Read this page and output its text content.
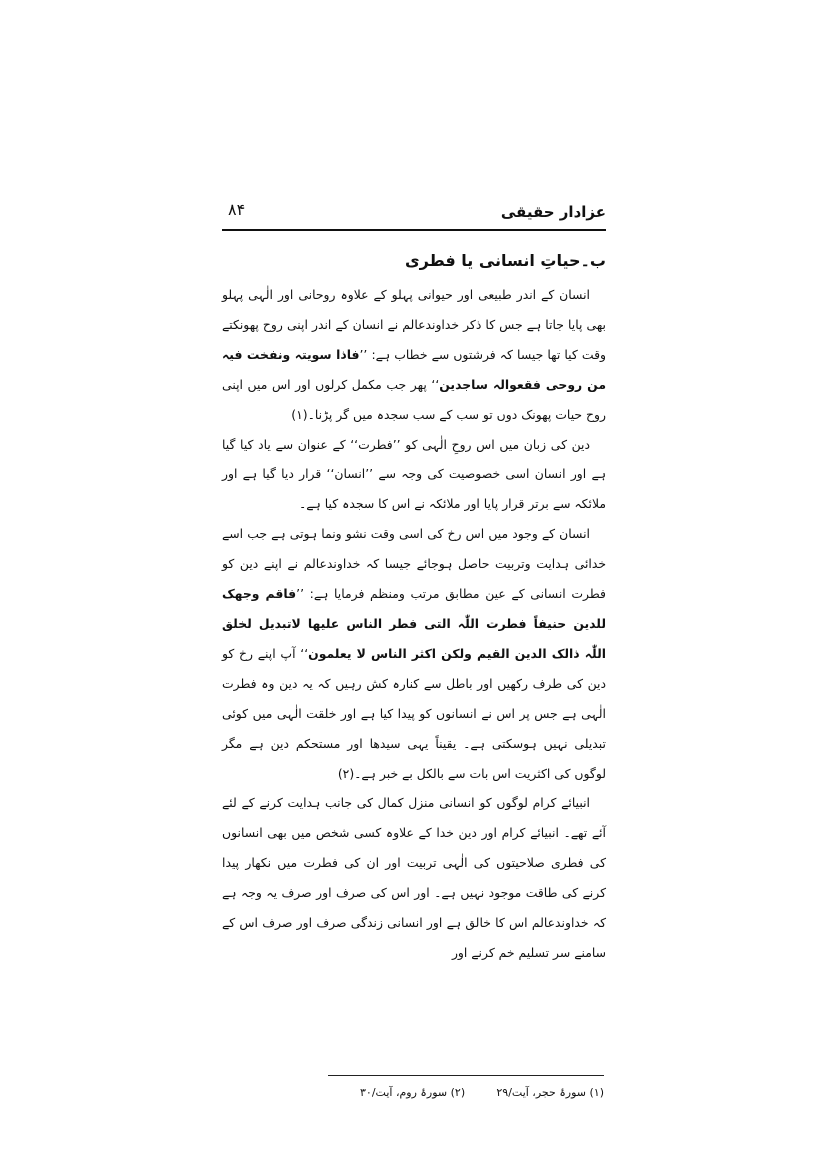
عزادار حقیقی
۸۴
ب۔حیاتِ انسانی یا فطری

انسان کے اندر طبیعی اور حیوانی پہلو کے علاوہ روحانی اور الٰہی پہلو بھی پایا جاتا ہے جس کا ذکر خداوندعالم نے انسان کے اندر اپنی روح پھونکتے وقت کیا تھا جیسا کہ فرشتوں سے خطاب ہے: ’’فاذا سویتہ ونفخت فیہ من روحی فقعوالہ ساجدین‘‘ پھر جب مکمل کرلوں اور اس میں اپنی روح حیات پھونک دوں تو سب کے سب سجدہ میں گر پڑنا۔(۱)

دین کی زبان میں اس روحِ الٰہی کو ’’فطرت‘‘ کے عنوان سے یاد کیا گیا ہے اور انسان اسی خصوصیت کی وجہ سے ’’انسان‘‘ قرار دیا گیا ہے اور ملائکہ سے برتر قرار پایا اور ملائکہ نے اس کا سجدہ کیا ہے۔

انسان کے وجود میں اس رخ کی اسی وقت نشو ونما ہوتی ہے جب اسے خدائی ہدایت وتربیت حاصل ہوجائے جیسا کہ خداوندعالم نے اپنے دین کو فطرت انسانی کے عین مطابق مرتب ومنظم فرمایا ہے: ’’فاقم وجھک للدین حنیفاً فطرت اللّٰہ التی فطر الناس علیھا لاتبدیل لخلق اللّٰہ ذالک الدین القیم ولکن اکثر الناس لا یعلمون‘‘ آپ اپنے رخ کو دین کی طرف رکھیں اور باطل سے کنارہ کش رہیں کہ یہ دین وہ فطرت الٰہی ہے جس پر اس نے انسانوں کو پیدا کیا ہے اور خلقت الٰہی میں کوئی تبدیلی نہیں ہوسکتی ہے۔ یقیناً یہی سیدھا اور مستحکم دین ہے مگر لوگوں کی اکثریت اس بات سے بالکل بے خبر ہے۔(۲)

انبیائے کرام لوگوں کو انسانی منزل کمال کی جانب ہدایت کرنے کے لئے آئے تھے۔ انبیائے کرام اور دین خدا کے علاوہ کسی شخص میں بھی انسانوں کی فطری صلاحیتوں کی الٰہی تربیت اور ان کی فطرت میں نکھار پیدا کرنے کی طاقت موجود نہیں ہے۔ اور اس کی صرف اور صرف یہ وجہ ہے کہ خداوندعالم اس کا خالق ہے اور انسانی زندگی صرف اور صرف اس کے سامنے سر تسلیم خم کرنے اور

(۱) سورۂ حجر، آیت/۲۹
(۲) سورۂ روم، آیت/۳۰
